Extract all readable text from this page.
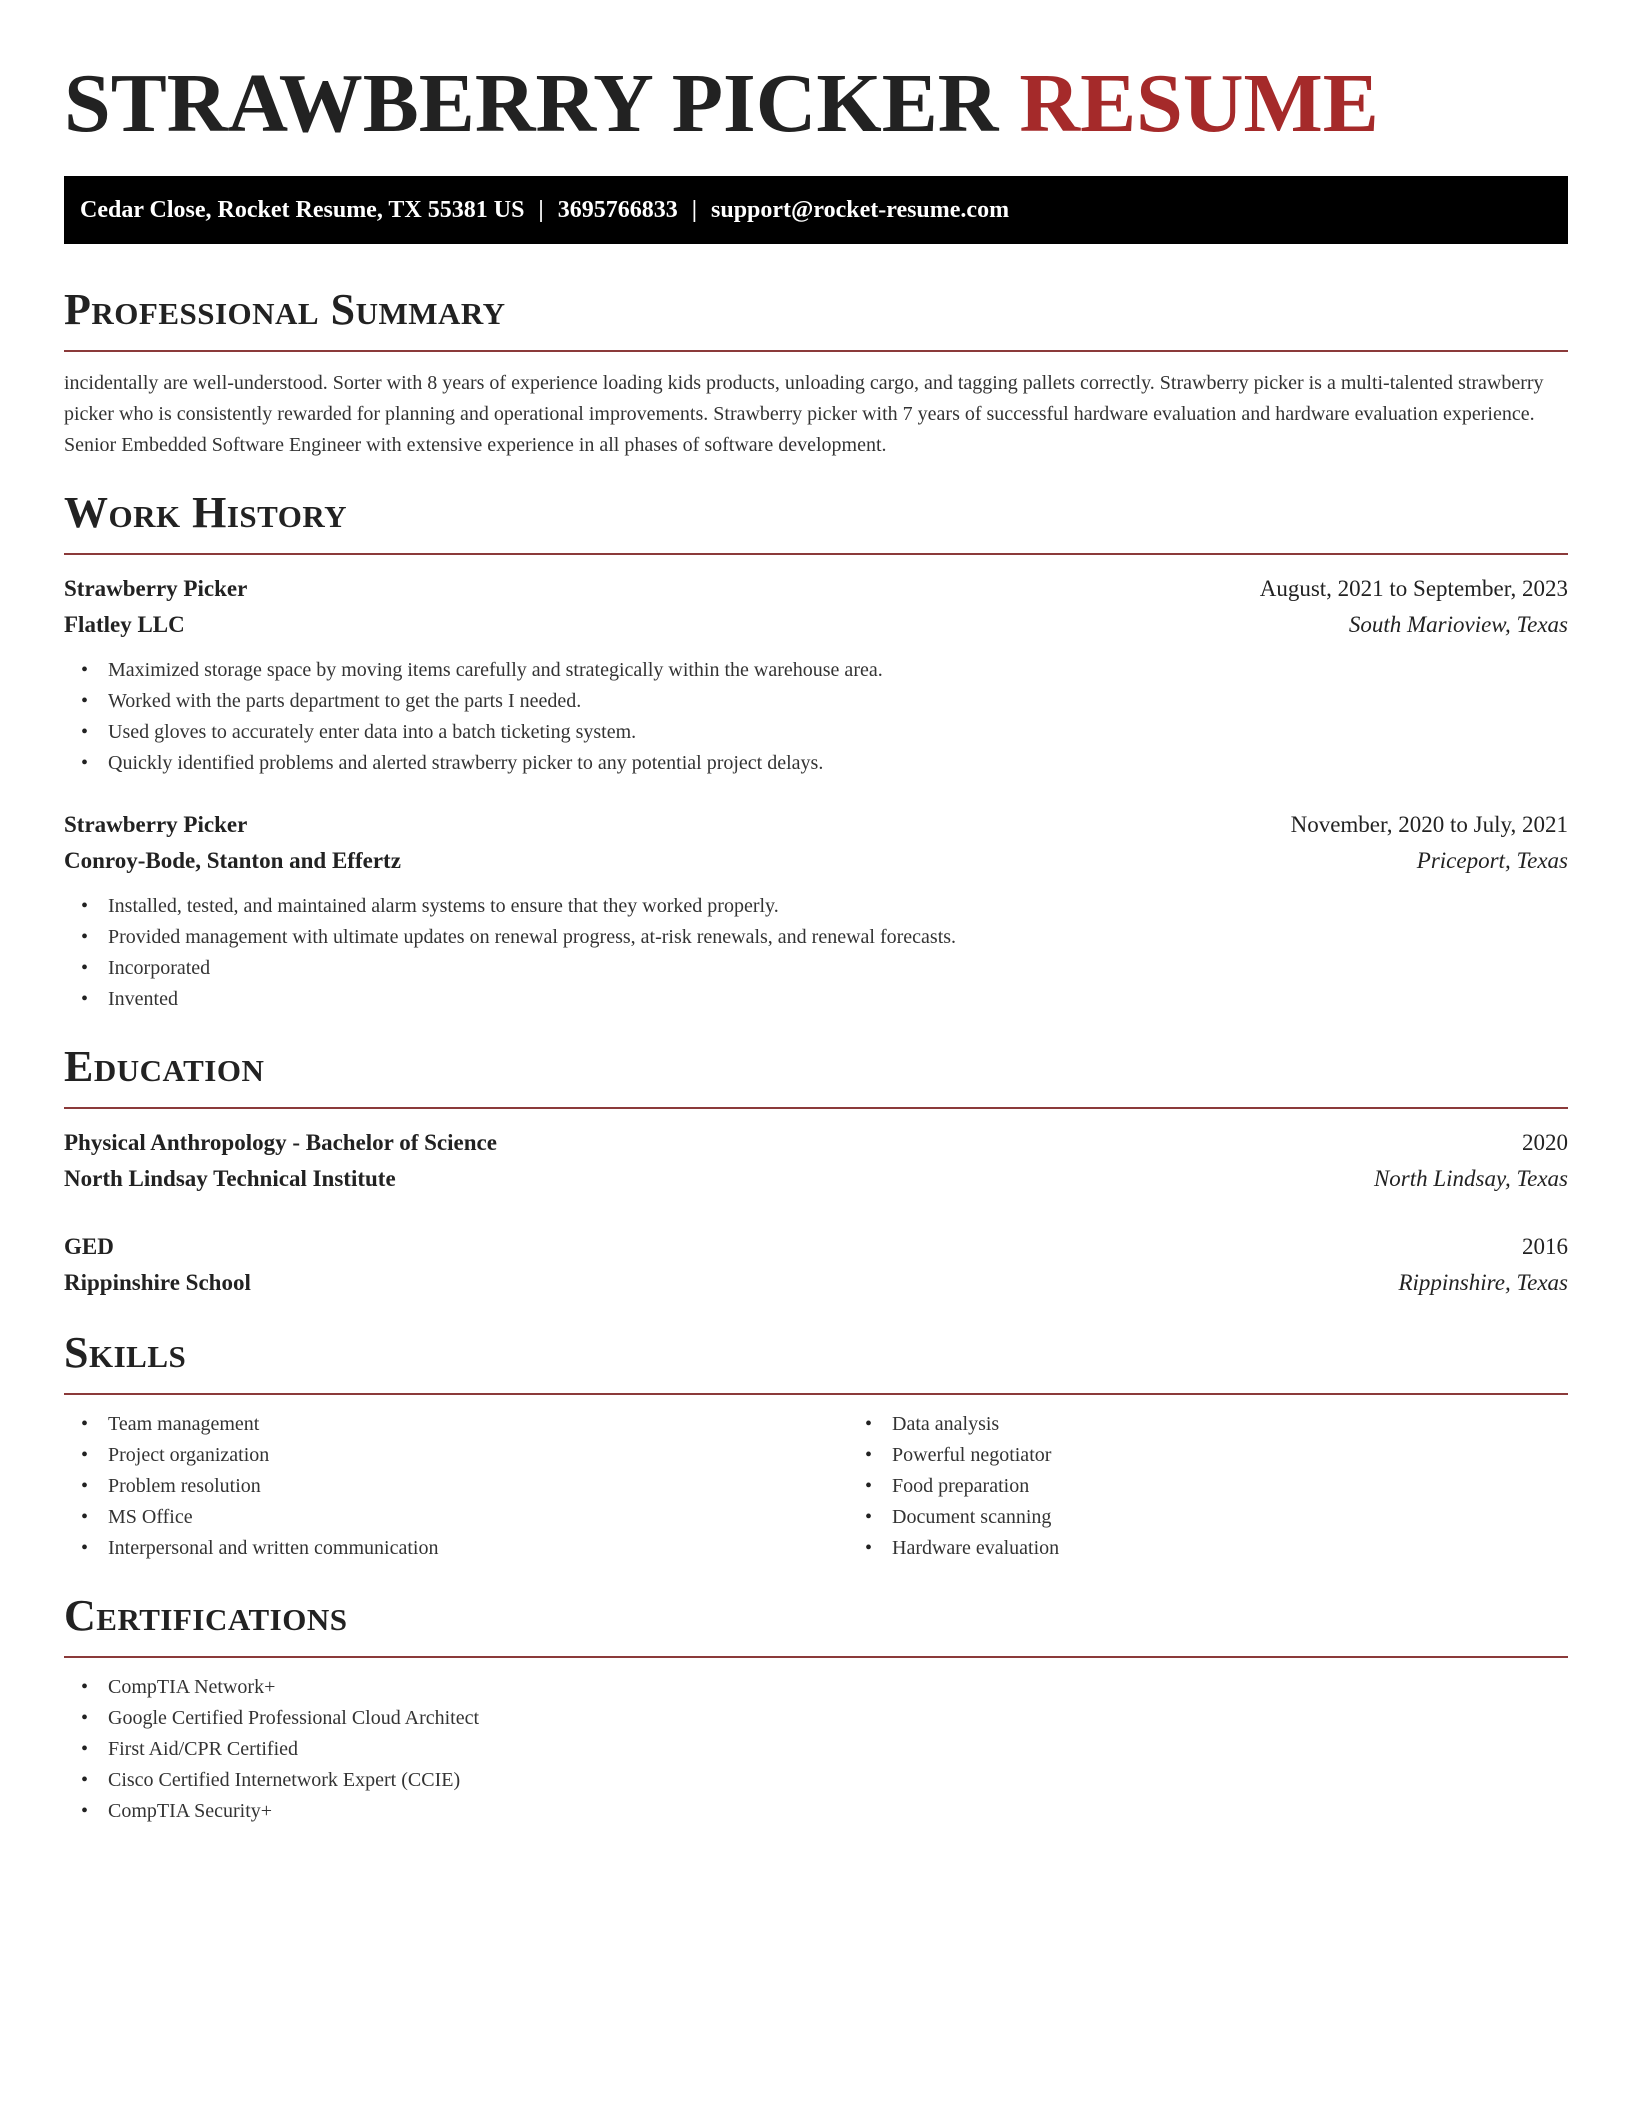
STRAWBERRY PICKER RESUME
Cedar Close, Rocket Resume, TX 55381 US | 3695766833 | support@rocket-resume.com
Professional Summary

incidentally are well-understood. Sorter with 8 years of experience loading kids products, unloading cargo, and tagging pallets correctly. Strawberry picker is a multi-talented strawberry picker who is consistently rewarded for planning and operational improvements. Strawberry picker with 7 years of successful hardware evaluation and hardware evaluation experience. Senior Embedded Software Engineer with extensive experience in all phases of software development.

Work History
Strawberry Picker	August, 2021 to September, 2023
Flatley LLC	South Marioview, Texas
• Maximized storage space by moving items carefully and strategically within the warehouse area.
• Worked with the parts department to get the parts I needed.
• Used gloves to accurately enter data into a batch ticketing system.
• Quickly identified problems and alerted strawberry picker to any potential project delays.
Strawberry Picker	November, 2020 to July, 2021
Conroy-Bode, Stanton and Effertz	Priceport, Texas
• Installed, tested, and maintained alarm systems to ensure that they worked properly.
• Provided management with ultimate updates on renewal progress, at-risk renewals, and renewal forecasts.
• Incorporated
• Invented
Education
Physical Anthropology - Bachelor of Science	2020
North Lindsay Technical Institute	North Lindsay, Texas
GED	2016
Rippinshire School	Rippinshire, Texas
Skills
• Team management
• Project organization
• Problem resolution
• MS Office
• Interpersonal and written communication
• Data analysis
• Powerful negotiator
• Food preparation
• Document scanning
• Hardware evaluation
Certifications
• CompTIA Network+
• Google Certified Professional Cloud Architect
• First Aid/CPR Certified
• Cisco Certified Internetwork Expert (CCIE)
• CompTIA Security+
